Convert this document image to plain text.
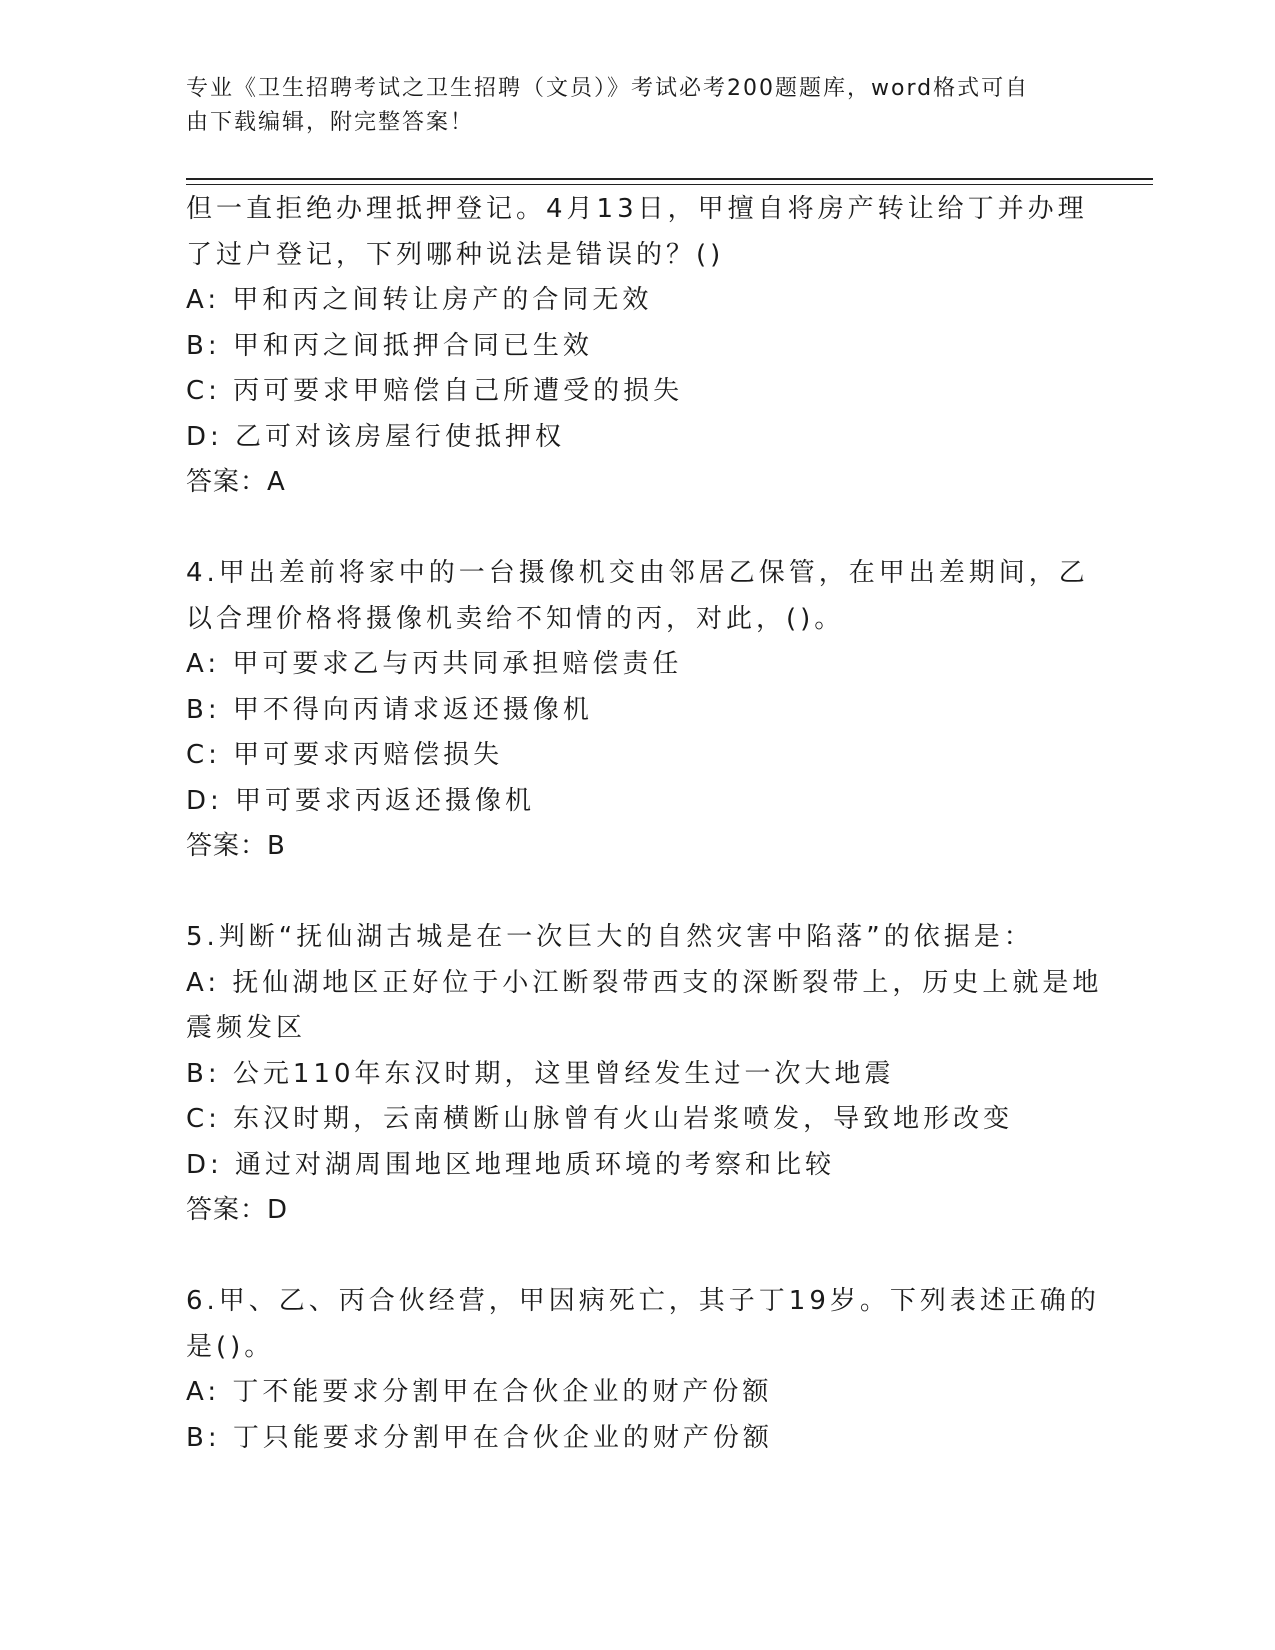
专业《卫生招聘考试之卫生招聘（文员）》考试必考200题题库，word格式可自
由下载编辑，附完整答案！
但一直拒绝办理抵押登记。4月13日，甲擅自将房产转让给丁并办理
了过户登记，下列哪种说法是错误的？()
A: 甲和丙之间转让房产的合同无效
B: 甲和丙之间抵押合同已生效
C: 丙可要求甲赔偿自己所遭受的损失
D: 乙可对该房屋行使抵押权
答案：A
4.甲出差前将家中的一台摄像机交由邻居乙保管，在甲出差期间，乙
以合理价格将摄像机卖给不知情的丙，对此，()。
A: 甲可要求乙与丙共同承担赔偿责任
B: 甲不得向丙请求返还摄像机
C: 甲可要求丙赔偿损失
D: 甲可要求丙返还摄像机
答案：B
5.判断“抚仙湖古城是在一次巨大的自然灾害中陷落”的依据是：
A: 抚仙湖地区正好位于小江断裂带西支的深断裂带上，历史上就是地
震频发区
B: 公元110年东汉时期，这里曾经发生过一次大地震
C: 东汉时期，云南横断山脉曾有火山岩浆喷发，导致地形改变
D: 通过对湖周围地区地理地质环境的考察和比较
答案：D
6.甲、乙、丙合伙经营，甲因病死亡，其子丁19岁。下列表述正确的
是()。
A: 丁不能要求分割甲在合伙企业的财产份额
B: 丁只能要求分割甲在合伙企业的财产份额
